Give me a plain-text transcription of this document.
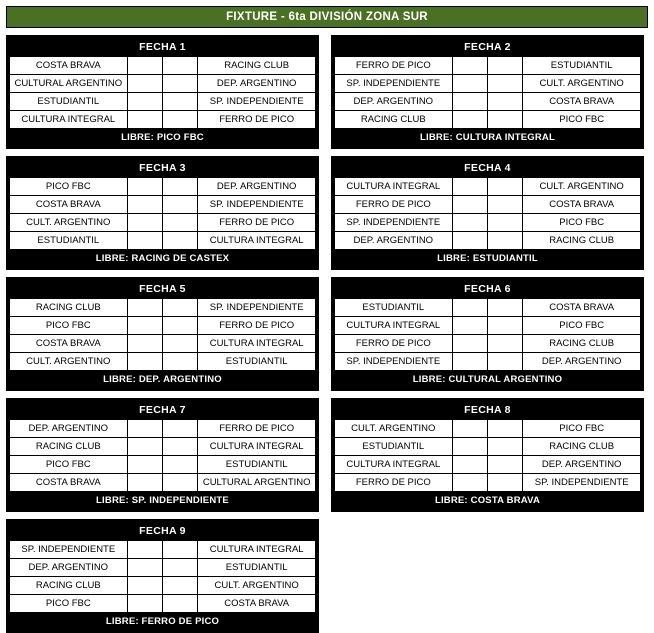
FIXTURE - 6ta DIVISIÓN ZONA SUR
FECHA 1
COSTA BRAVA			RACING CLUB
CULTURAL ARGENTINO			DEP. ARGENTINO
ESTUDIANTIL			SP. INDEPENDIENTE
CULTURA INTEGRAL			FERRO DE PICO
LIBRE: PICO FBC
FECHA 2
FERRO DE PICO			ESTUDIANTIL
SP. INDEPENDIENTE			CULT. ARGENTINO
DEP. ARGENTINO			COSTA BRAVA
RACING CLUB			PICO FBC
LIBRE: CULTURA INTEGRAL
FECHA 3
PICO FBC			DEP. ARGENTINO
COSTA BRAVA			SP. INDEPENDIENTE
CULT. ARGENTINO			FERRO DE PICO
ESTUDIANTIL			CULTURA INTEGRAL
LIBRE: RACING DE CASTEX
FECHA 4
CULTURA INTEGRAL			CULT. ARGENTINO
FERRO DE PICO			COSTA BRAVA
SP. INDEPENDIENTE			PICO FBC
DEP. ARGENTINO			RACING CLUB
LIBRE: ESTUDIANTIL
FECHA 5
RACING CLUB			SP. INDEPENDIENTE
PICO FBC			FERRO DE PICO
COSTA BRAVA			CULTURA INTEGRAL
CULT. ARGENTINO			ESTUDIANTIL
LIBRE: DEP. ARGENTINO
FECHA 6
ESTUDIANTIL			COSTA BRAVA
CULTURA INTEGRAL			PICO FBC
FERRO DE PICO			RACING CLUB
SP. INDEPENDIENTE			DEP. ARGENTINO
LIBRE: CULTURAL ARGENTINO
FECHA 7
DEP. ARGENTINO			FERRO DE PICO
RACING CLUB			CULTURA INTEGRAL
PICO FBC			ESTUDIANTIL
COSTA BRAVA			CULTURAL ARGENTINO
LIBRE: SP. INDEPENDIENTE
FECHA 8
CULT. ARGENTINO			PICO FBC
ESTUDIANTIL			RACING CLUB
CULTURA INTEGRAL			DEP. ARGENTINO
FERRO DE PICO			SP. INDEPENDIENTE
LIBRE: COSTA BRAVA
FECHA 9
SP. INDEPENDIENTE			CULTURA INTEGRAL
DEP. ARGENTINO			ESTUDIANTIL
RACING CLUB			CULT. ARGENTINO
PICO FBC			COSTA BRAVA
LIBRE: FERRO DE PICO
